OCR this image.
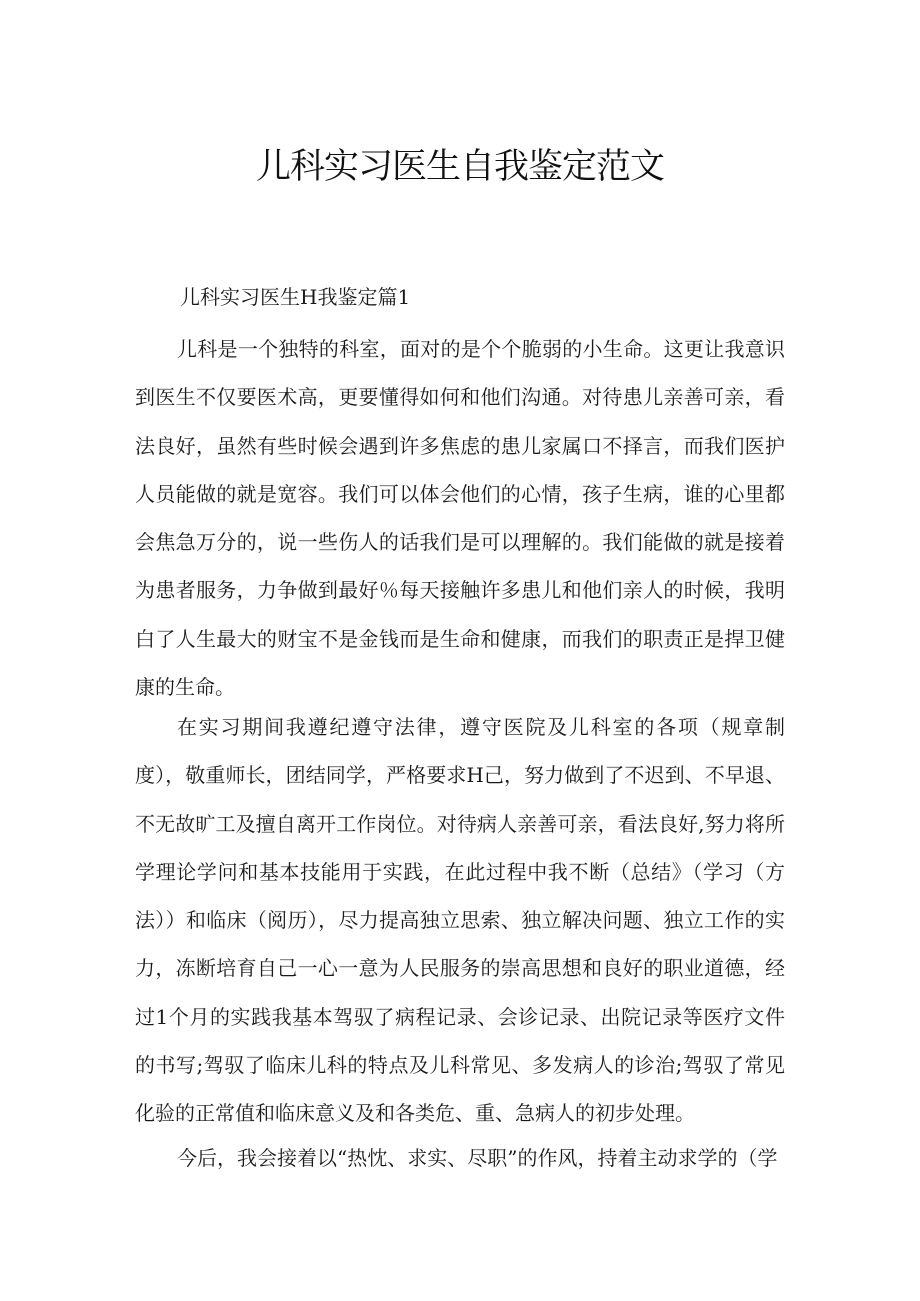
儿科实习医生自我鉴定范文
儿科实习医生H我鉴定篇1

儿科是一个独特的科室，面对的是个个脆弱的小生命。这更让我意识到医生不仅要医术高，更要懂得如何和他们沟通。对待患儿亲善可亲，看法良好，虽然有些时候会遇到许多焦虑的患儿家属口不择言，而我们医护人员能做的就是宽容。我们可以体会他们的心情，孩子生病，谁的心里都会焦急万分的，说一些伤人的话我们是可以理解的。我们能做的就是接着为患者服务，力争做到最好％每天接触许多患儿和他们亲人的时候，我明白了人生最大的财宝不是金钱而是生命和健康，而我们的职责正是捍卫健康的生命。

在实习期间我遵纪遵守法律，遵守医院及儿科室的各项（规章制度），敬重师长，团结同学，严格要求H己，努力做到了不迟到、不早退、不无故旷工及擅自离开工作岗位。对待病人亲善可亲，看法良好,努力将所学理论学问和基本技能用于实践，在此过程中我不断（总结》（学习（方法））和临床（阅历），尽力提高独立思索、独立解决问题、独立工作的实力，冻断培育自己一心一意为人民服务的崇高思想和良好的职业道德，经过1个月的实践我基本驾驭了病程记录、会诊记录、出院记录等医疗文件的书写;驾驭了临床儿科的特点及儿科常见、多发病人的诊治;驾驭了常见化验的正常值和临床意义及和各类危、重、急病人的初步处理。

今后，我会接着以“热忱、求实、尽职”的作风，持着主动求学的（学
